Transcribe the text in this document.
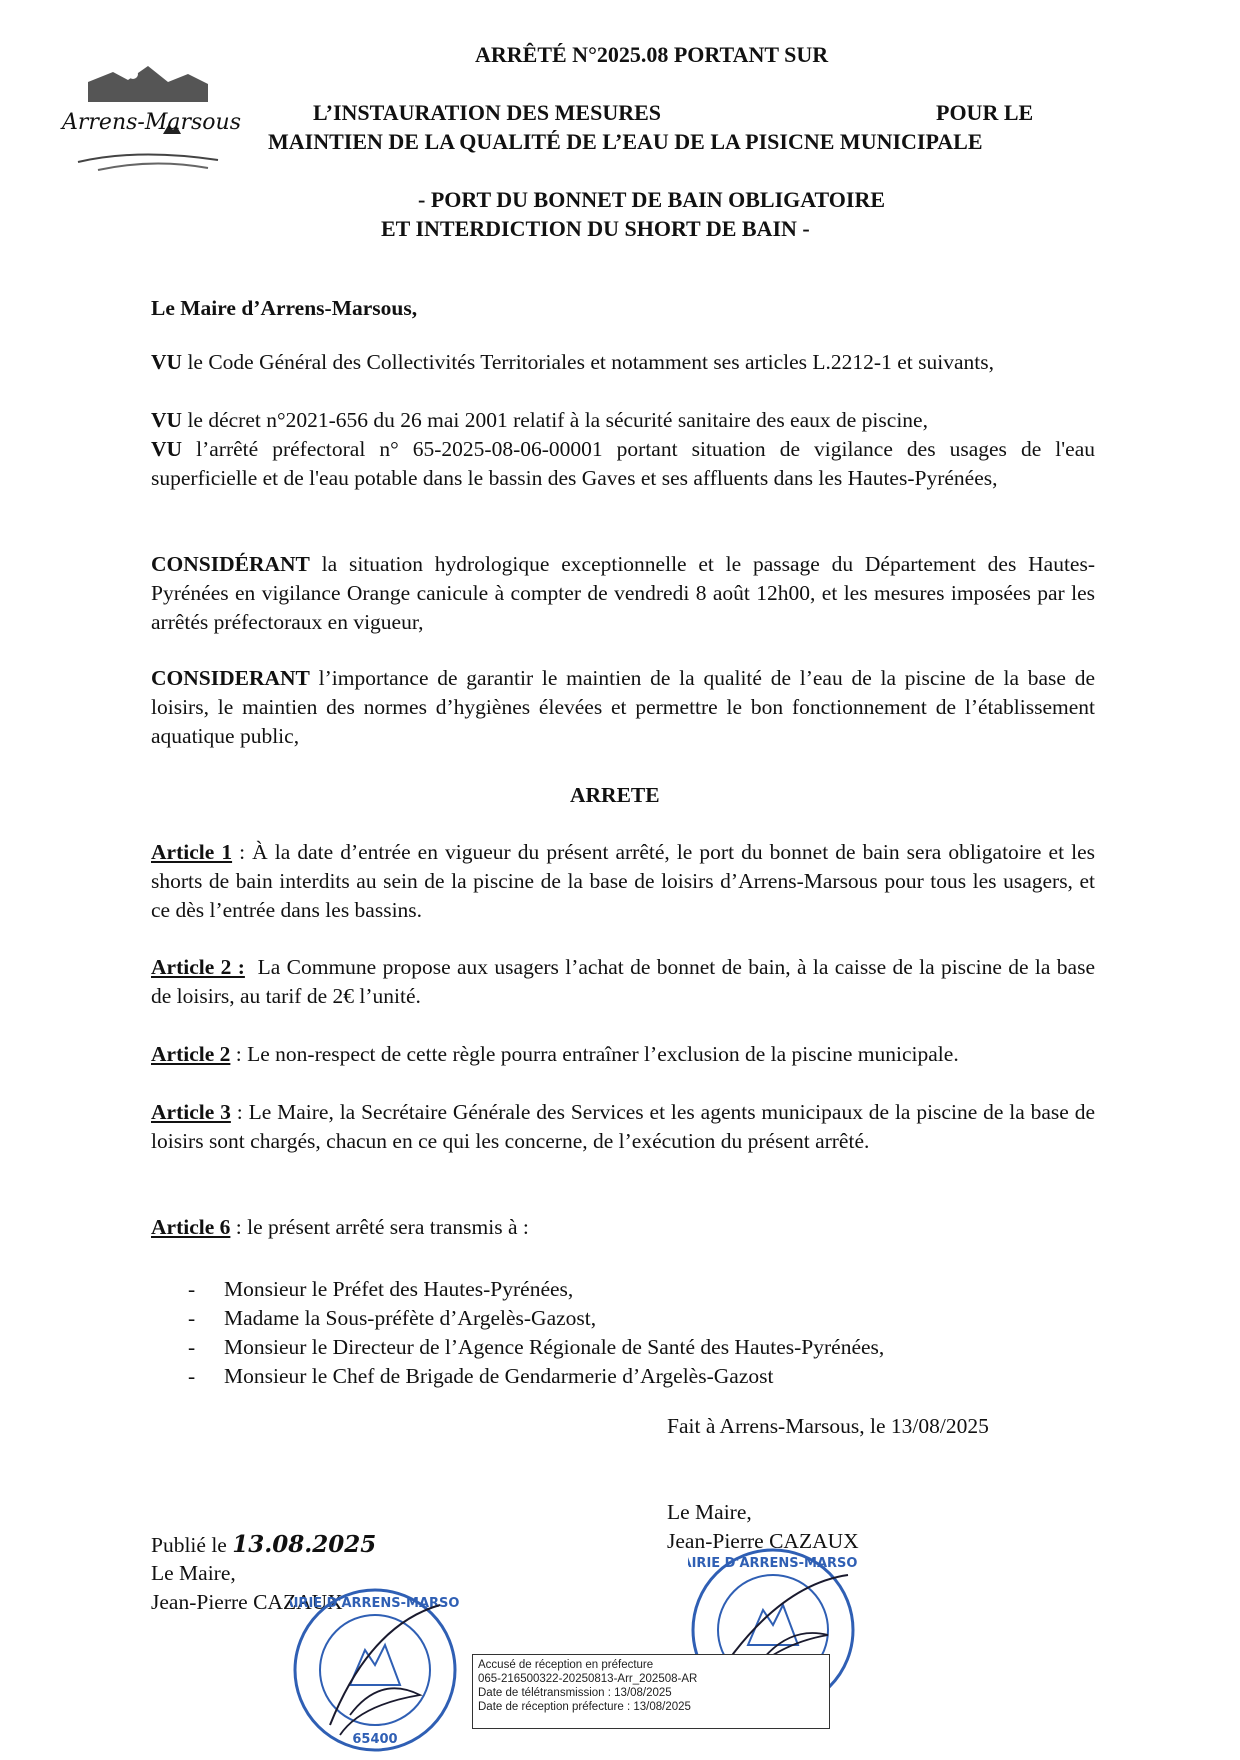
Arrens-Marsous
ARRÊTÉ N°2025.08 PORTANT SUR
L’INSTAURATION DES MESURES	POUR LE
MAINTIEN DE LA QUALITÉ DE L’EAU DE LA PISICNE MUNICIPALE
- PORT DU BONNET DE BAIN OBLIGATOIRE
ET INTERDICTION DU SHORT DE BAIN -
Le Maire d’Arrens-Marsous,
VU le Code Général des Collectivités Territoriales et notamment ses articles L.2212-1 et suivants,
VU le décret n°2021-656 du 26 mai 2001 relatif à la sécurité sanitaire des eaux de piscine,
VU l’arrêté préfectoral n° 65-2025-08-06-00001 portant situation de vigilance des usages de l'eau superficielle et de l'eau potable dans le bassin des Gaves et ses affluents dans les Hautes-Pyrénées,
CONSIDÉRANT la situation hydrologique exceptionnelle et le passage du Département des Hautes-Pyrénées en vigilance Orange canicule à compter de vendredi 8 août 12h00, et les mesures imposées par les arrêtés préfectoraux en vigueur,
CONSIDERANT l’importance de garantir le maintien de la qualité de l’eau de la piscine de la base de loisirs, le maintien des normes d’hygiènes élevées et permettre le bon fonctionnement de l’établissement aquatique public,
ARRETE
Article 1 : À la date d’entrée en vigueur du présent arrêté, le port du bonnet de bain sera obligatoire et les shorts de bain interdits au sein de la piscine de la base de loisirs d’Arrens-Marsous pour tous les usagers, et ce dès l’entrée dans les bassins.
Article 2 : La Commune propose aux usagers l’achat de bonnet de bain, à la caisse de la piscine de la base de loisirs, au tarif de 2€ l’unité.
Article 2 : Le non-respect de cette règle pourra entraîner l’exclusion de la piscine municipale.
Article 3 : Le Maire, la Secrétaire Générale des Services et les agents municipaux de la piscine de la base de loisirs sont chargés, chacun en ce qui les concerne, de l’exécution du présent arrêté.
Article 6 : le présent arrêté sera transmis à :
-	Monsieur le Préfet des Hautes-Pyrénées,
-	Madame la Sous-préfète d’Argelès-Gazost,
-	Monsieur le Directeur de l’Agence Régionale de Santé des Hautes-Pyrénées,
-	Monsieur le Chef de Brigade de Gendarmerie d’Argelès-Gazost
Fait à Arrens-Marsous, le 13/08/2025
Le Maire,
Jean-Pierre CAZAUX
Publié le 13.08.2025
Le Maire,
Jean-Pierre CAZAUX
IRIE D'ARRENS-MARSO
65400
IRIE D'ARRENS-MARSO
Accusé de réception en préfecture
065-216500322-20250813-Arr_202508-AR
Date de télétransmission : 13/08/2025
Date de réception préfecture : 13/08/2025
